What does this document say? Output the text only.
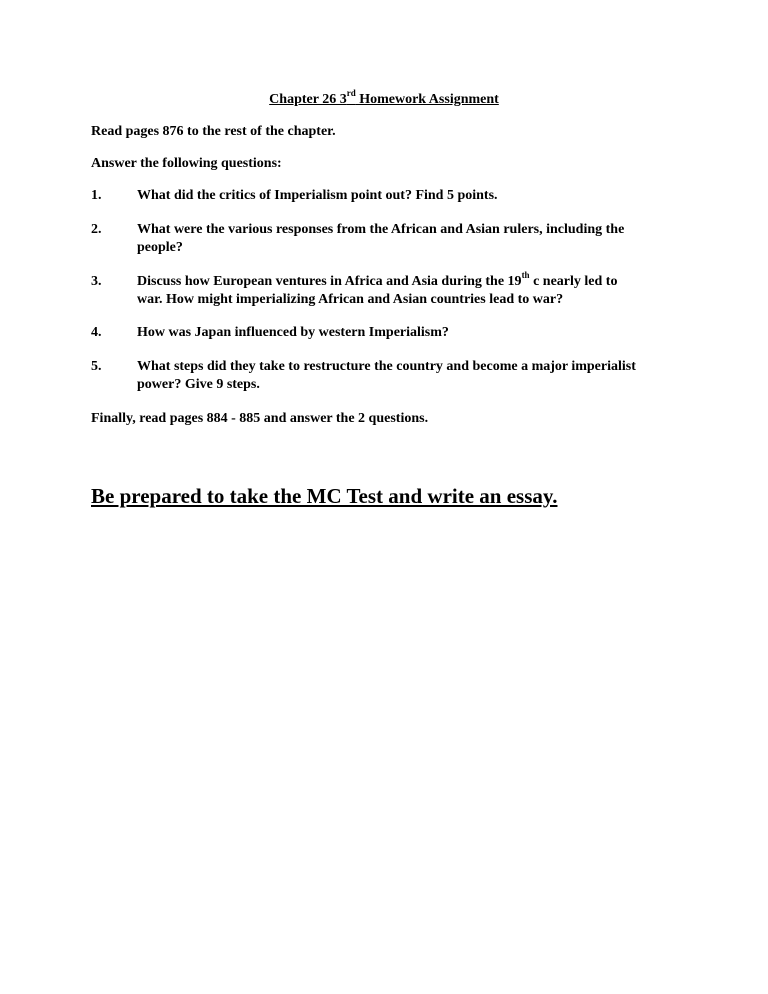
Chapter 26 3rd Homework Assignment
Read pages 876 to the rest of the chapter.
Answer the following questions:
1.	What did the critics of Imperialism point out? Find 5 points.
2.	What were the various responses from the African and Asian rulers, including the
people?
3.	Discuss how European ventures in Africa and Asia during the 19th c nearly led to
war. How might imperializing African and Asian countries lead to war?
4.	How was Japan influenced by western Imperialism?
5.	What steps did they take to restructure the country and become a major imperialist
power? Give 9 steps.
Finally, read pages 884 - 885 and answer the 2 questions.
Be prepared to take the MC Test and write an essay.
